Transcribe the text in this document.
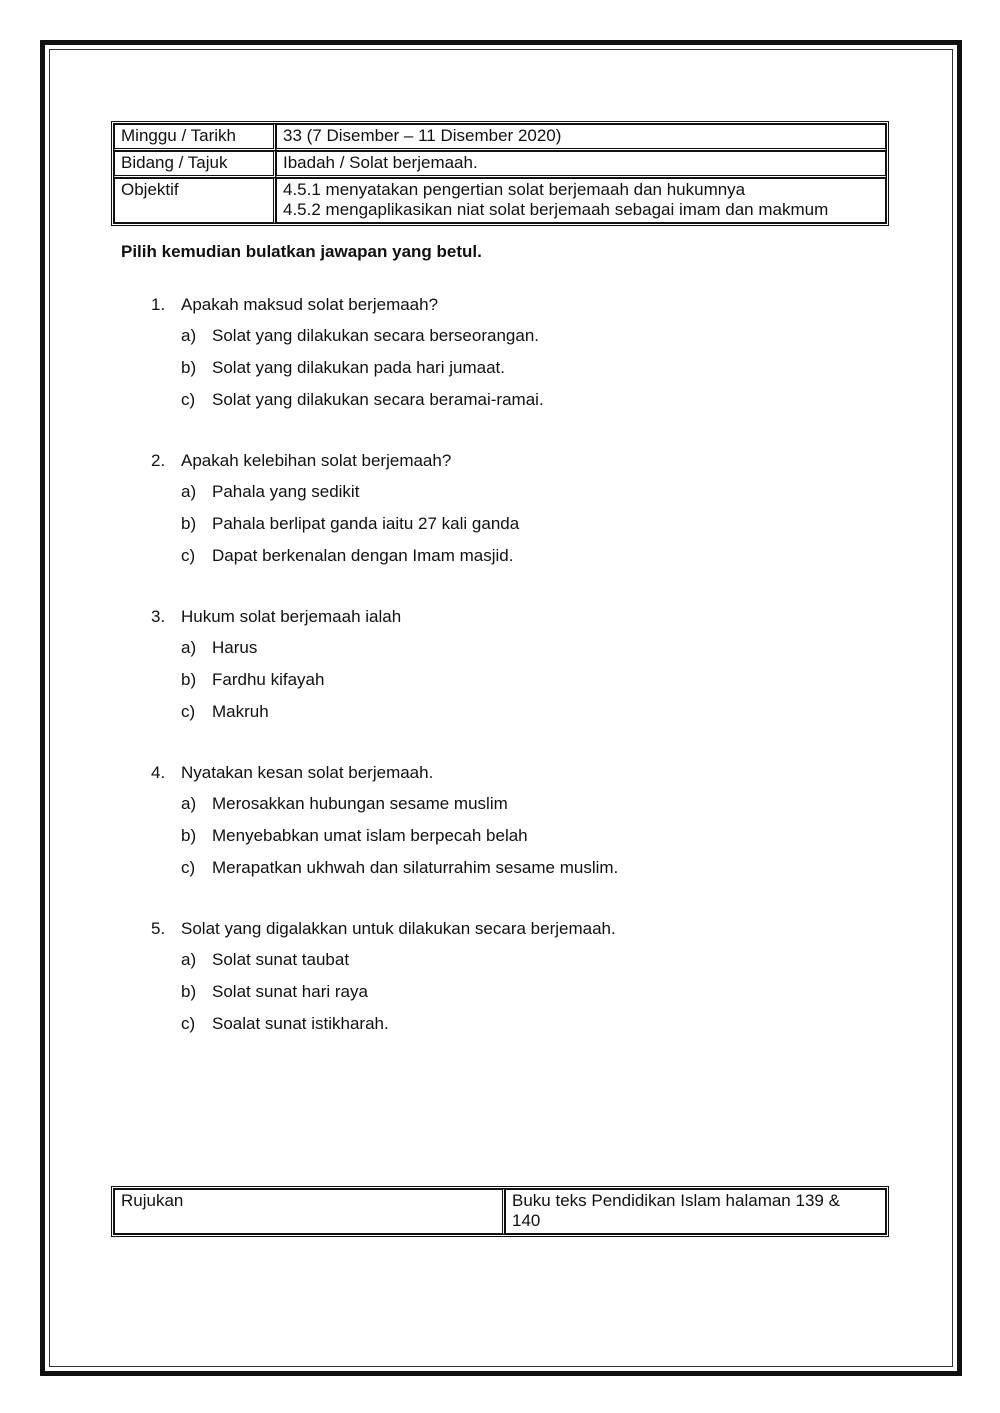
Minggu / Tarikh	33 (7 Disember – 11 Disember 2020)
Bidang / Tajuk	Ibadah / Solat berjemaah.
Objektif	4.5.1 menyatakan pengertian solat berjemaah dan hukumnya
4.5.2 mengaplikasikan niat solat berjemaah sebagai imam dan makmum
Pilih kemudian bulatkan jawapan yang betul.
1. Apakah maksud solat berjemaah?
a) Solat yang dilakukan secara berseorangan.
b) Solat yang dilakukan pada hari jumaat.
c) Solat yang dilakukan secara beramai-ramai.
2. Apakah kelebihan solat berjemaah?
a) Pahala yang sedikit
b) Pahala berlipat ganda iaitu 27 kali ganda
c) Dapat berkenalan dengan Imam masjid.
3. Hukum solat berjemaah ialah
a) Harus
b) Fardhu kifayah
c) Makruh
4. Nyatakan kesan solat berjemaah.
a) Merosakkan hubungan sesame muslim
b) Menyebabkan umat islam berpecah belah
c) Merapatkan ukhwah dan silaturrahim sesame muslim.
5. Solat yang digalakkan untuk dilakukan secara berjemaah.
a) Solat sunat taubat
b) Solat sunat hari raya
c) Soalat sunat istikharah.
Rujukan	Buku teks Pendidikan Islam halaman 139 &
140
